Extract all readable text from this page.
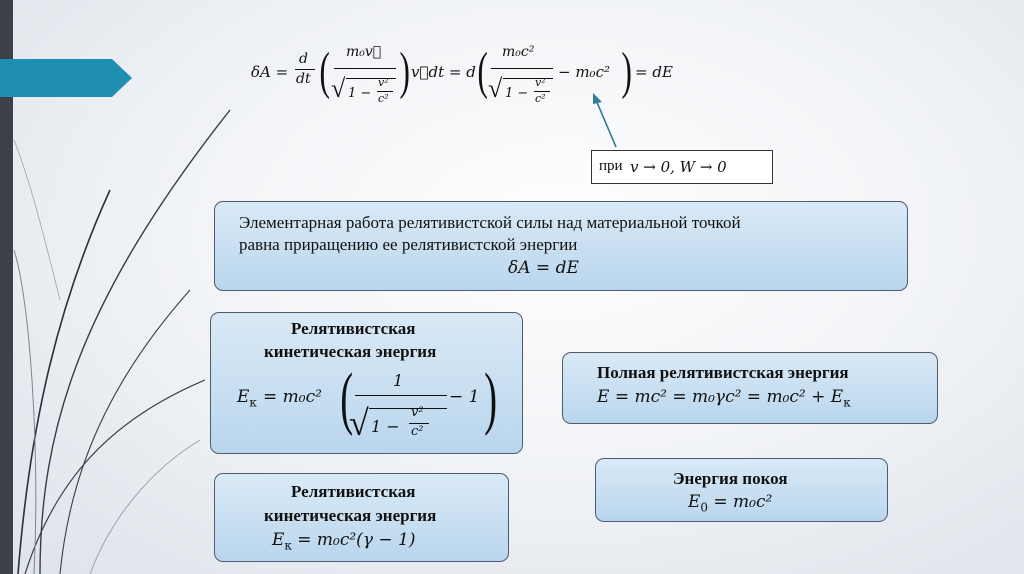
δA =
d
dt ( m₀v⃗
√ 1 −
v²
c² ) v⃗dt = d ( m₀c²
√ 1 −
v²
c²
− m₀c² ) = dE
при v → 0, W → 0
Элементарная работа релятивистской силы над материальной точкой
равна приращению ее релятивистской энергии
δA = dE
Релятивистская
кинетическая энергия
$E_к = m_0c^2$ ( 1
√ 1 −
v²
c²
− 1 )	Полная релятивистская энергия
$E = mc^2 = m_0\gamma c^2 = m_0c^2 + E_к$
Релятивистская
кинетическая энергия
$E_к = m_0c^2(\gamma - 1)$
Энергия покоя
$E_0 = m_0c^2$
